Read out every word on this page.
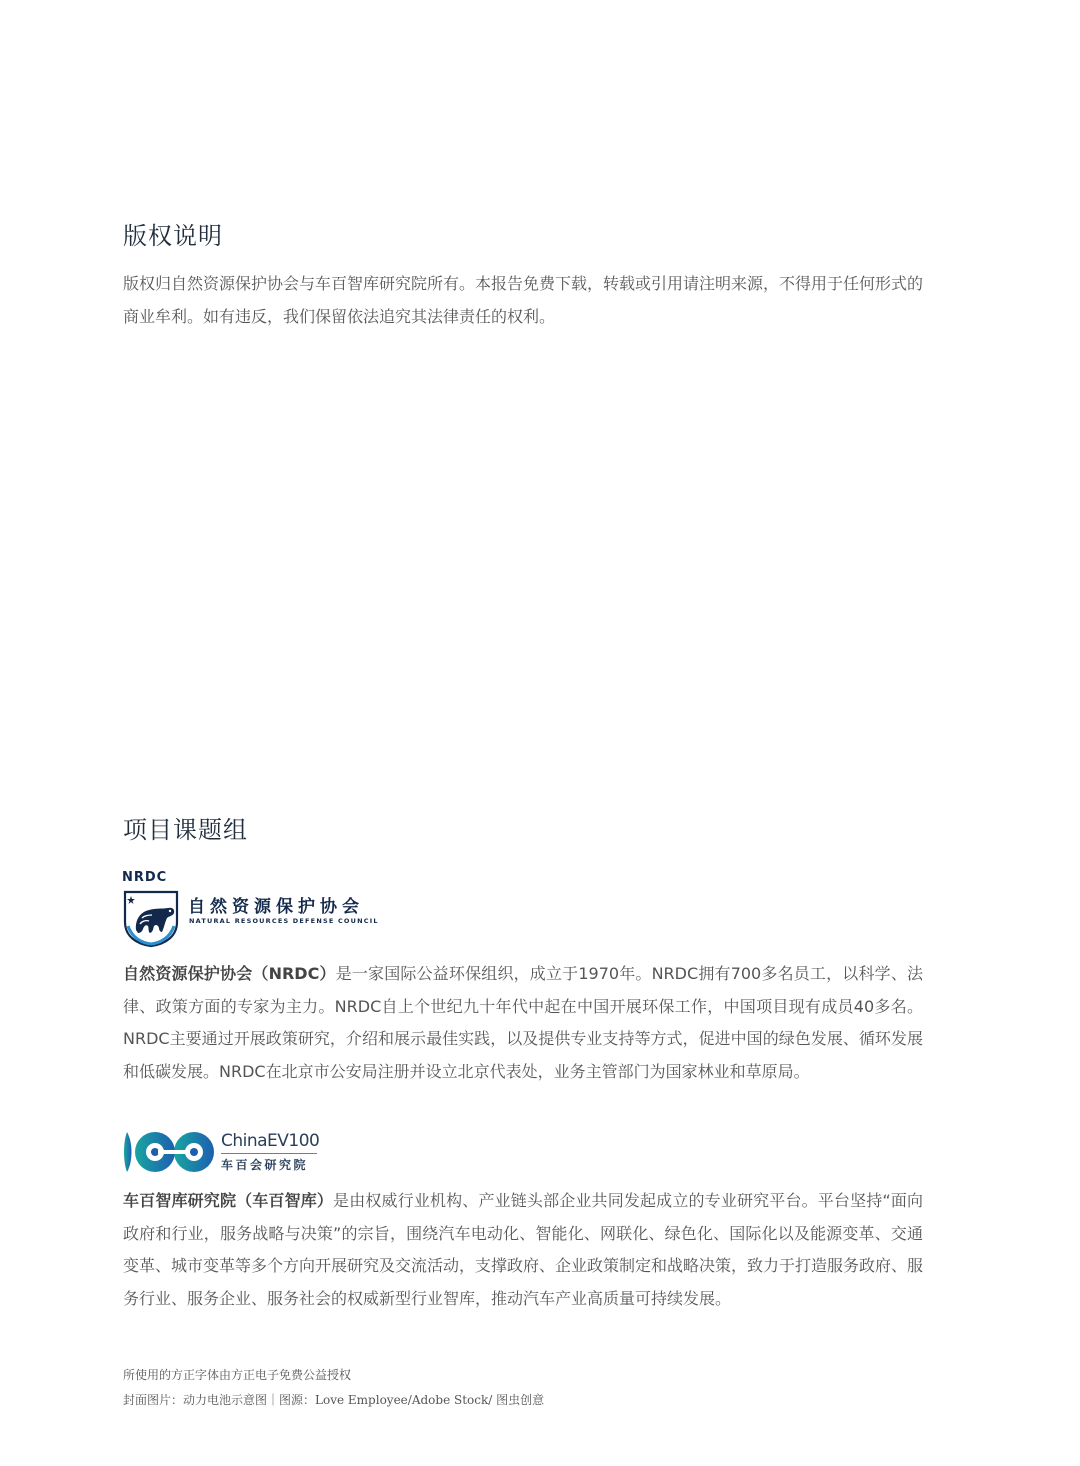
版权说明

版权归自然资源保护协会与车百智库研究院所有。本报告免费下载，转载或引用请注明来源，不得用于任何形式的商业牟利。如有违反，我们保留依法追究其法律责任的权利。

项目课题组
NRDC
自然资源保护协会
NATURAL RESOURCES DEFENSE COUNCIL

自然资源保护协会（NRDC）是一家国际公益环保组织，成立于1970年。NRDC拥有700多名员工，以科学、法律、政策方面的专家为主力。NRDC自上个世纪九十年代中起在中国开展环保工作，中国项目现有成员40多名。NRDC主要通过开展政策研究，介绍和展示最佳实践，以及提供专业支持等方式，促进中国的绿色发展、循环发展和低碳发展。NRDC在北京市公安局注册并设立北京代表处，业务主管部门为国家林业和草原局。

ChinaEV100
车百会研究院

车百智库研究院（车百智库）是由权威行业机构、产业链头部企业共同发起成立的专业研究平台。平台坚持“面向政府和行业，服务战略与决策”的宗旨，围绕汽车电动化、智能化、网联化、绿色化、国际化以及能源变革、交通变革、城市变革等多个方向开展研究及交流活动，支撑政府、企业政策制定和战略决策，致力于打造服务政府、服务行业、服务企业、服务社会的权威新型行业智库，推动汽车产业高质量可持续发展。

所使用的方正字体由方正电子免费公益授权

封面图片：动力电池示意图｜图源：Love Employee/Adobe Stock/ 图虫创意
